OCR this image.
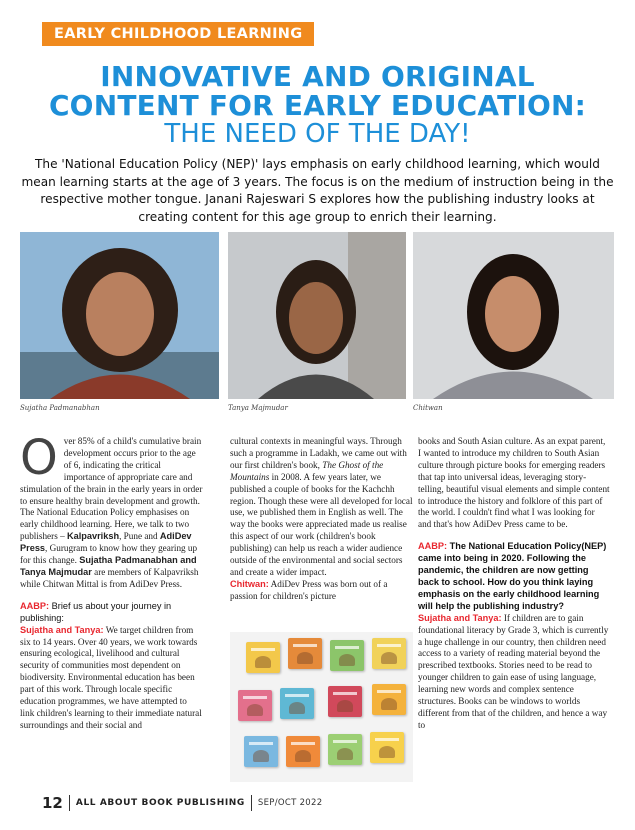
EARLY CHILDHOOD LEARNING
INNOVATIVE AND ORIGINAL
CONTENT FOR EARLY EDUCATION:
THE NEED OF THE DAY!

The 'National Education Policy (NEP)' lays emphasis on early childhood learning, which would mean learning starts at the age of 3 years. The focus is on the medium of instruction being in the respective mother tongue. Janani Rajeswari S explores how the publishing industry looks at creating content for this age group to enrich their learning.

Sujatha Padmanabhan	Tanya Majmudar	Chitwan

Over 85% of a child's cumulative brain development occurs prior to the age of 6, indicating the critical importance of appropriate care and stimulation of the brain in the early years in order to ensure healthy brain development and growth. The National Education Policy emphasises on early childhood learning. Here, we talk to two publishers – Kalpavriksh, Pune and AdiDev Press, Gurugram to know how they gearing up for this change. Sujatha Padmanabhan and Tanya Majmudar are members of Kalpavriksh while Chitwan Mittal is from AdiDev Press.

AABP: Brief us about your journey in publishing:

Sujatha and Tanya: We target children from six to 14 years. Over 40 years, we work towards ensuring ecological, livelihood and cultural security of communities most dependent on biodiversity. Environmental education has been part of this work. Through locale specific education programmes, we have attempted to link children's learning to their immediate natural surroundings and their social and

cultural contexts in meaningful ways. Through such a programme in Ladakh, we came out with our first children's book, The Ghost of the Mountains in 2008. A few years later, we published a couple of books for the Kachchh region. Though these were all developed for local use, we published them in English as well. The way the books were appreciated made us realise this aspect of our work (children's book publishing) can help us reach a wider audience outside of the environmental and social sectors and create a wider impact.

Chitwan: AdiDev Press was born out of a passion for children's picture

books and South Asian culture. As an expat parent, I wanted to introduce my children to South Asian culture through picture books for emerging readers that tap into universal ideas, leveraging story-telling, beautiful visual elements and simple content to introduce the history and folklore of this part of the world. I couldn't find what I was looking for and that's how AdiDev Press came to be.

AABP: The National Education Policy(NEP) came into being in 2020. Following the pandemic, the children are now getting back to school. How do you think laying emphasis on the early childhood learning will help the publishing industry?

Sujatha and Tanya: If children are to gain foundational literacy by Grade 3, which is currently a huge challenge in our country, then children need access to a variety of reading material beyond the prescribed textbooks. Stories need to be read to younger children to gain ease of using language, learning new words and complex sentence structures. Books can be windows to worlds different from that of the children, and hence a way to

12 ALL ABOUT BOOK PUBLISHING SEP/OCT 2022
